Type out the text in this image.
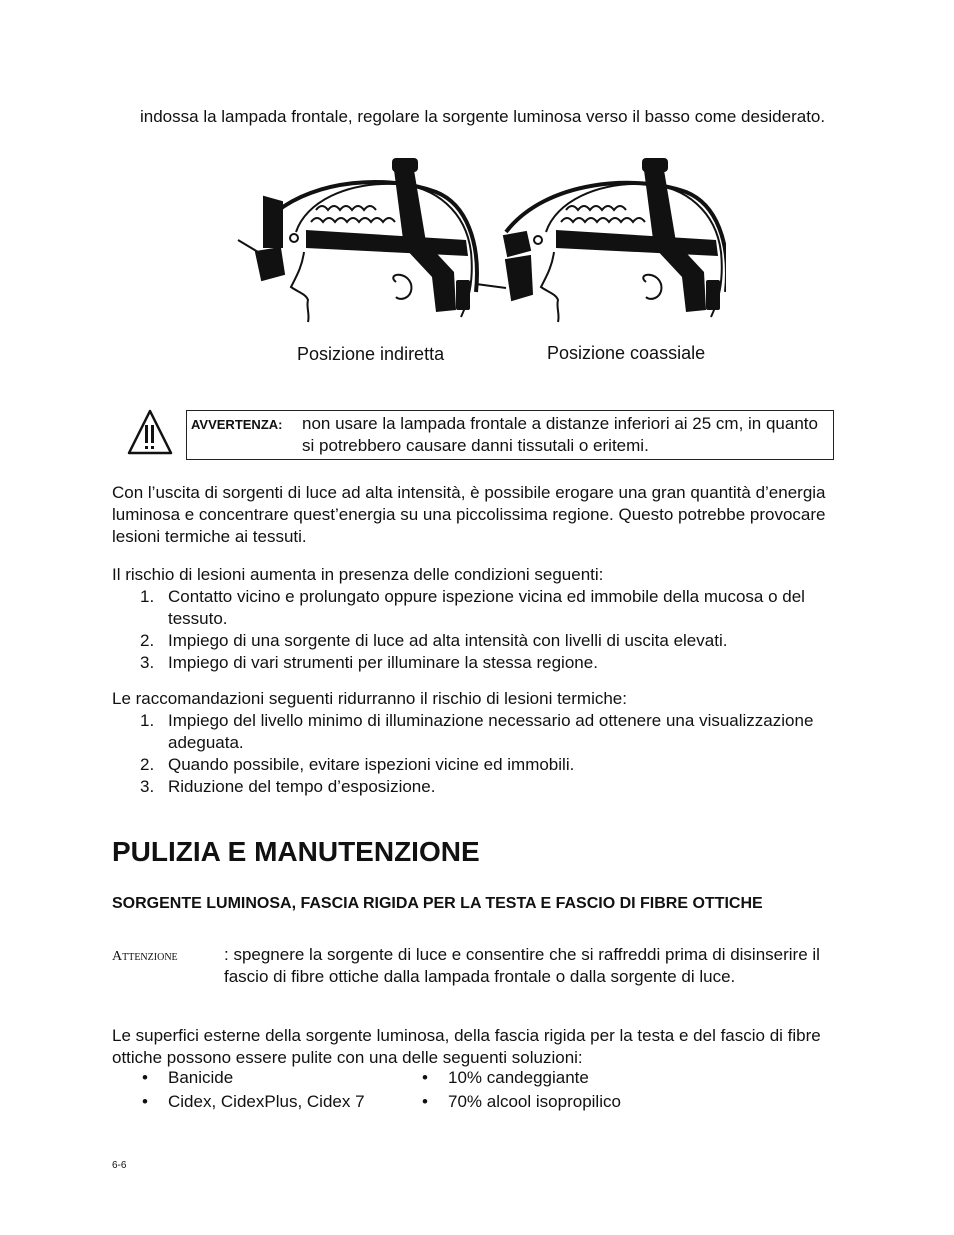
indossa la lampada frontale, regolare la sorgente luminosa verso il basso come desiderato.
Posizione indiretta	Posizione coassiale
AVVERTENZA: non usare la lampada frontale a distanze inferiori ai 25 cm, in quanto si potrebbero causare danni tissutali o eritemi.
Con l’uscita di sorgenti di luce ad alta intensità, è possibile erogare una gran quantità d’energia luminosa e concentrare quest’energia su una piccolissima regione. Questo potrebbe provocare lesioni termiche ai tessuti.
Il rischio di lesioni aumenta in presenza delle condizioni seguenti:
1. Contatto vicino e prolungato oppure ispezione vicina ed immobile della mucosa o del tessuto.
2. Impiego di una sorgente di luce ad alta intensità con livelli di uscita elevati.
3. Impiego di vari strumenti per illuminare la stessa regione.
Le raccomandazioni seguenti ridurranno il rischio di lesioni termiche:
1. Impiego del livello minimo di illuminazione necessario ad ottenere una visualizzazione adeguata.
2. Quando possibile, evitare ispezioni vicine ed immobili.
3. Riduzione del tempo d’esposizione.
PULIZIA E MANUTENZIONE
SORGENTE LUMINOSA, FASCIA RIGIDA PER LA TESTA E FASCIO DI FIBRE OTTICHE
Attenzione	: spegnere la sorgente di luce e consentire che si raffreddi prima di disinserire il fascio di fibre ottiche dalla lampada frontale o dalla sorgente di luce.
Le superfici esterne della sorgente luminosa, della fascia rigida per la testa e del fascio di fibre ottiche possono essere pulite con una delle seguenti soluzioni:
• Banicide	• 10% candeggiante
• Cidex, CidexPlus, Cidex 7	• 70% alcool isopropilico
6-6
